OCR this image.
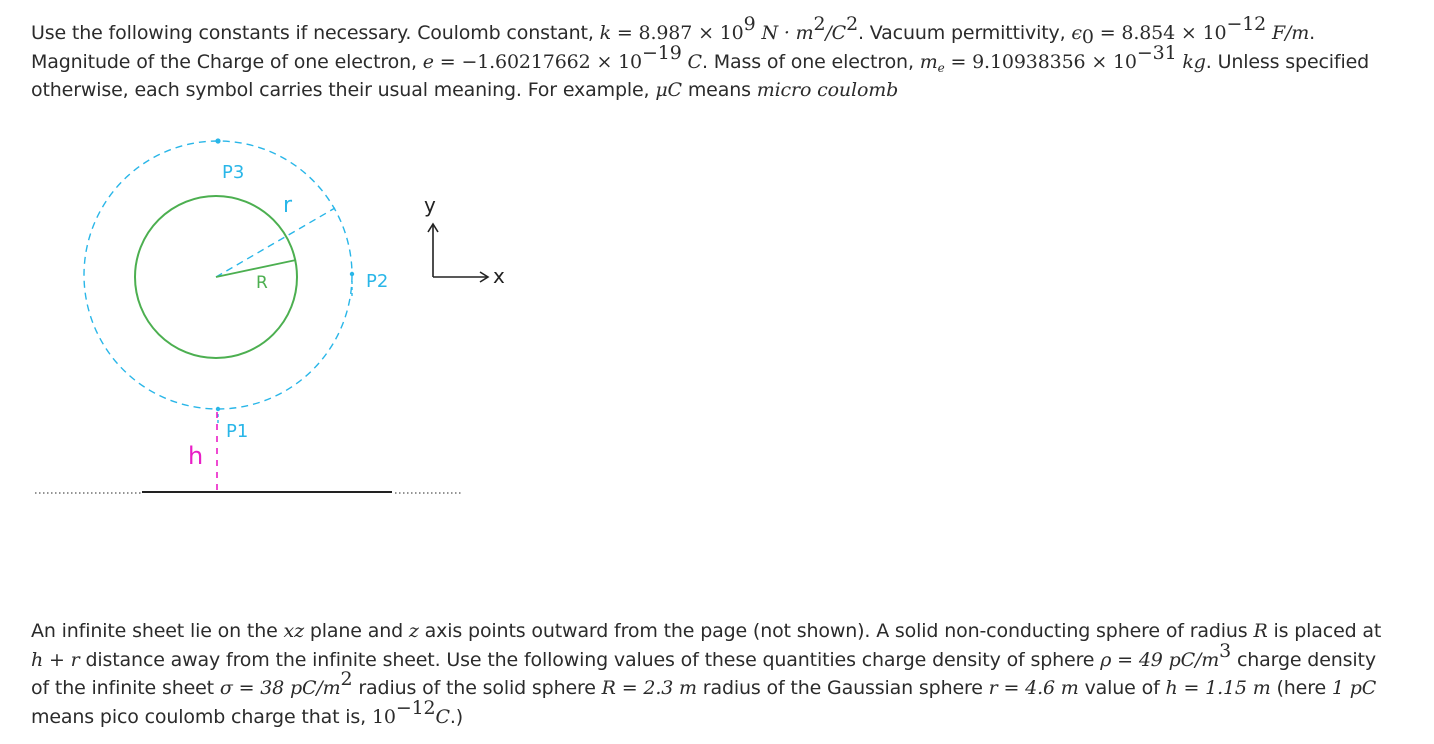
Use the following constants if necessary. Coulomb constant, $k = 8.987 \times 10^9$ $N \cdot m^2/C^2$. Vacuum permittivity, $\epsilon_0 = 8.854 \times 10^{-12}$ F/m. Magnitude of the Charge of one electron, $e = -1.60217662 \times 10^{-19}$ C. Mass of one electron, $m_e = 9.10938356 \times 10^{-31}$ kg. Unless specified otherwise, each symbol carries their usual meaning. For example, μC means micro coulomb
P3
r
R	P2
P1
h
y
x
An infinite sheet lie on the xz plane and z axis points outward from the page (not shown). A solid non-conducting sphere of radius R is placed at h + r distance away from the infinite sheet. Use the following values of these quantities charge density of sphere ρ = 49 $pC/m^3$ charge density of the infinite sheet σ = 38 $pC/m^2$ radius of the solid sphere R = 2.3 m radius of the Gaussian sphere r = 4.6 m value of h = 1.15 m (here 1 pC means pico coulomb charge that is, $10^{-12}C$.)
